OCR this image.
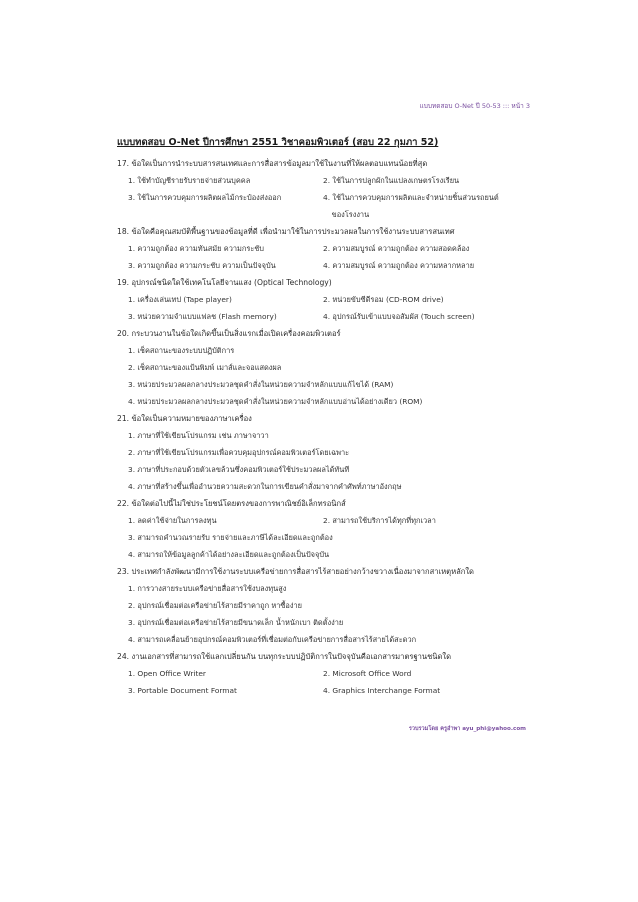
แบบทดสอบ O-Net ปี 50-53 ::: หน้า 3
แบบทดสอบ O-Net ปีการศึกษา 2551 วิชาคอมพิวเตอร์ (สอบ 22 กุมภา 52)
17. ข้อใดเป็นการนำระบบสารสนเทศและการสื่อสารข้อมูลมาใช้ในงานที่ให้ผลตอบแทนน้อยที่สุด
1. ใช้ทำบัญชีรายรับรายจ่ายส่วนบุคคล	2. ใช้ในการปลูกผักในแปลงเกษตรโรงเรียน
3. ใช้ในการควบคุมการผลิตผลไม้กระป๋องส่งออก	4. ใช้ในการควบคุมการผลิตและจำหน่ายชิ้นส่วนรถยนต์
ของโรงงาน
18. ข้อใดคือคุณสมบัติพื้นฐานของข้อมูลที่ดี เพื่อนำมาใช้ในการประมวลผลในการใช้งานระบบสารสนเทศ
1. ความถูกต้อง ความทันสมัย ความกระชับ	2. ความสมบูรณ์ ความถูกต้อง ความสอดคล้อง
3. ความถูกต้อง ความกระชับ ความเป็นปัจจุบัน	4. ความสมบูรณ์ ความถูกต้อง ความหลากหลาย
19. อุปกรณ์ชนิดใดใช้เทคโนโลยีจานแสง (Optical Technology)
1. เครื่องเล่นเทป (Tape player)	2. หน่วยขับซีดีรอม (CD-ROM drive)
3. หน่วยความจำแบบแฟลช (Flash memory)	4. อุปกรณ์รับเข้าแบบจอสัมผัส (Touch screen)
20. กระบวนงานในข้อใดเกิดขึ้นเป็นสิ่งแรกเมื่อเปิดเครื่องคอมพิวเตอร์
1. เช็คสถานะของระบบปฏิบัติการ
2. เช็คสถานะของแป้นพิมพ์ เมาส์และจอแสดงผล
3. หน่วยประมวลผลกลางประมวลชุดคำสั่งในหน่วยความจำหลักแบบแก้ไขได้ (RAM)
4. หน่วยประมวลผลกลางประมวลชุดคำสั่งในหน่วยความจำหลักแบบอ่านได้อย่างเดียว (ROM)
21. ข้อใดเป็นความหมายของภาษาเครื่อง
1. ภาษาที่ใช้เขียนโปรแกรม เช่น ภาษาจาวา
2. ภาษาที่ใช้เขียนโปรแกรมเพื่อควบคุมอุปกรณ์คอมพิวเตอร์โดยเฉพาะ
3. ภาษาที่ประกอบด้วยตัวเลขล้วนซึ่งคอมพิวเตอร์ใช้ประมวลผลได้ทันที
4. ภาษาที่สร้างขึ้นเพื่ออำนวยความสะดวกในการเขียนคำสั่งมาจากคำศัพท์ภาษาอังกฤษ
22. ข้อใดต่อไปนี้ไม่ใช่ประโยชน์โดยตรงของการพาณิชย์อิเล็กทรอนิกส์
1. ลดค่าใช้จ่ายในการลงทุน	2. สามารถใช้บริการได้ทุกที่ทุกเวลา
3. สามารถคำนวณรายรับ รายจ่ายและภาษีได้ละเอียดและถูกต้อง
4. สามารถให้ข้อมูลลูกค้าได้อย่างละเอียดและถูกต้องเป็นปัจจุบัน
23. ประเทศกำลังพัฒนามีการใช้งานระบบเครือข่ายการสื่อสารไร้สายอย่างกว้างขวางเนื่องมาจากสาเหตุหลักใด
1. การวางสายระบบเครือข่ายสื่อสารใช้งบลงทุนสูง
2. อุปกรณ์เชื่อมต่อเครือข่ายไร้สายมีราคาถูก หาซื้อง่าย
3. อุปกรณ์เชื่อมต่อเครือข่ายไร้สายมีขนาดเล็ก น้ำหนักเบา ติดตั้งง่าย
4. สามารถเคลื่อนย้ายอุปกรณ์คอมพิวเตอร์ที่เชื่อมต่อกับเครือข่ายการสื่อสารไร้สายได้สะดวก
24. งานเอกสารที่สามารถใช้แลกเปลี่ยนกัน บนทุกระบบปฏิบัติการในปัจจุบันคือเอกสารมาตรฐานชนิดใด
1. Open Office Writer	2. Microsoft Office Word
3. Portable Document Format	4. Graphics Interchange Format
รวบรวมโดย ครูอำพา ayu_phi@yahoo.com
